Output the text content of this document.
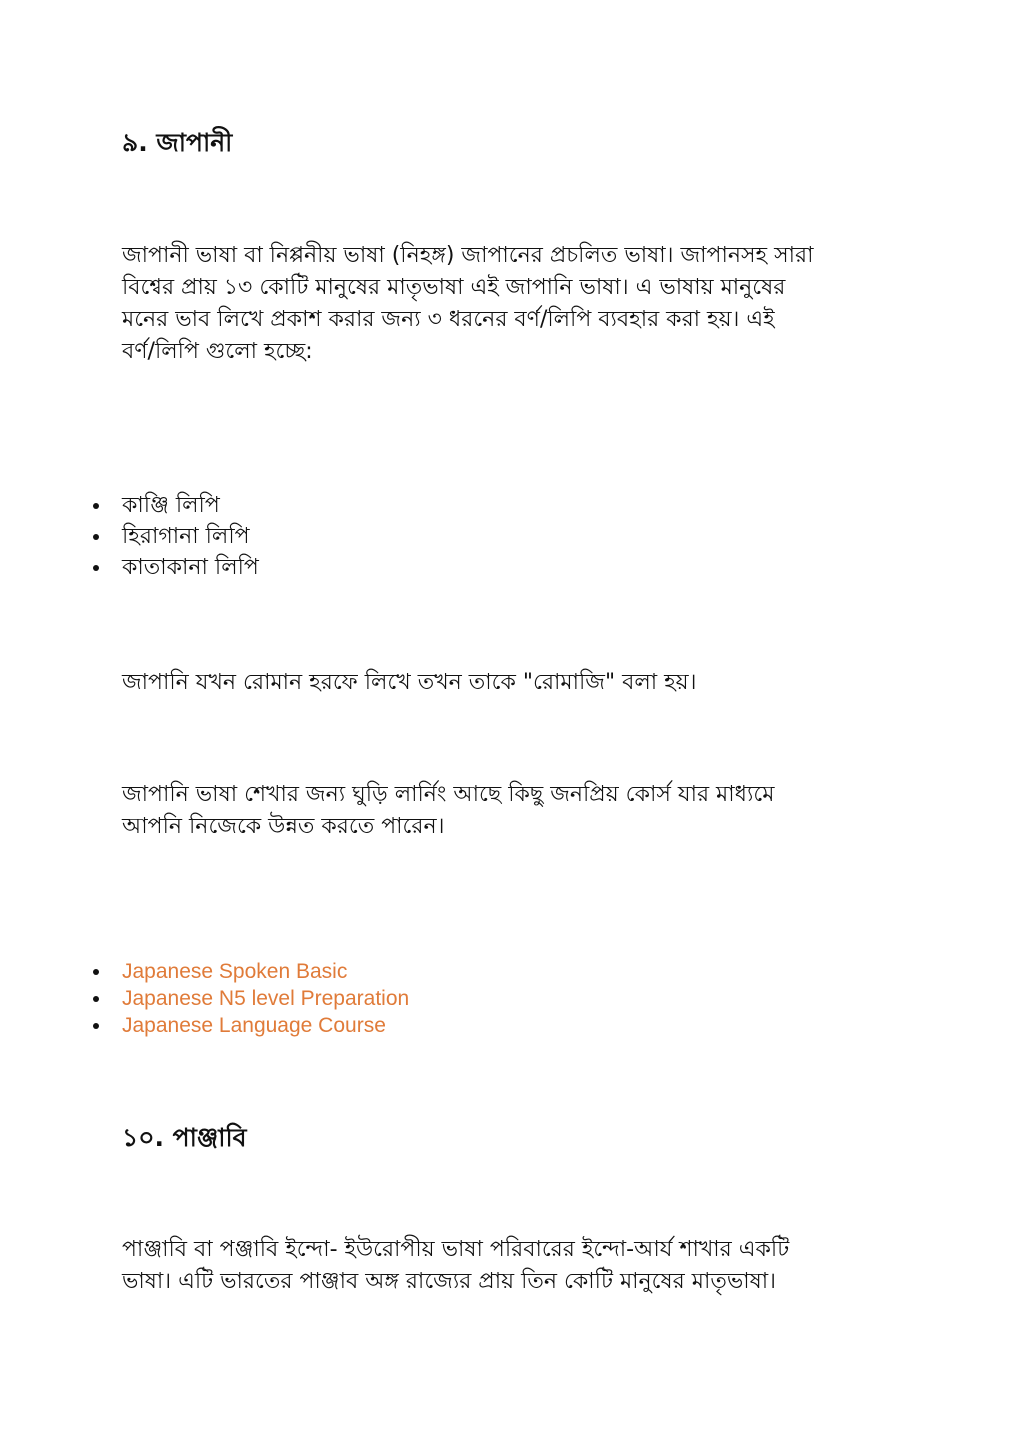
৯. জাপানী
জাপানী ভাষা বা নিপ্পনীয় ভাষা (নিহঙ্গ) জাপানের প্রচলিত ভাষা। জাপানসহ সারা
বিশ্বের প্রায় ১৩ কোটি মানুষের মাতৃভাষা এই জাপানি ভাষা। এ ভাষায় মানুষের
মনের ভাব লিখে প্রকাশ করার জন্য ৩ ধরনের বর্ণ/লিপি ব্যবহার করা হয়। এই
বর্ণ/লিপি গুলো হচ্ছে:
কাঞ্জি লিপি
হিরাগানা লিপি
কাতাকানা লিপি
জাপানি যখন রোমান হরফে লিখে তখন তাকে "রোমাজি" বলা হয়।
জাপানি ভাষা শেখার জন্য ঘুড়ি লার্নিং আছে কিছু জনপ্রিয় কোর্স যার মাধ্যমে
আপনি নিজেকে উন্নত করতে পারেন।
Japanese Spoken Basic
Japanese N5 level Preparation
Japanese Language Course
১০. পাঞ্জাবি
পাঞ্জাবি বা পঞ্জাবি ইন্দো- ইউরোপীয় ভাষা পরিবারের ইন্দো-আর্য শাখার একটি
ভাষা। এটি ভারতের পাঞ্জাব অঙ্গ রাজ্যের প্রায় তিন কোটি মানুষের মাতৃভাষা।
